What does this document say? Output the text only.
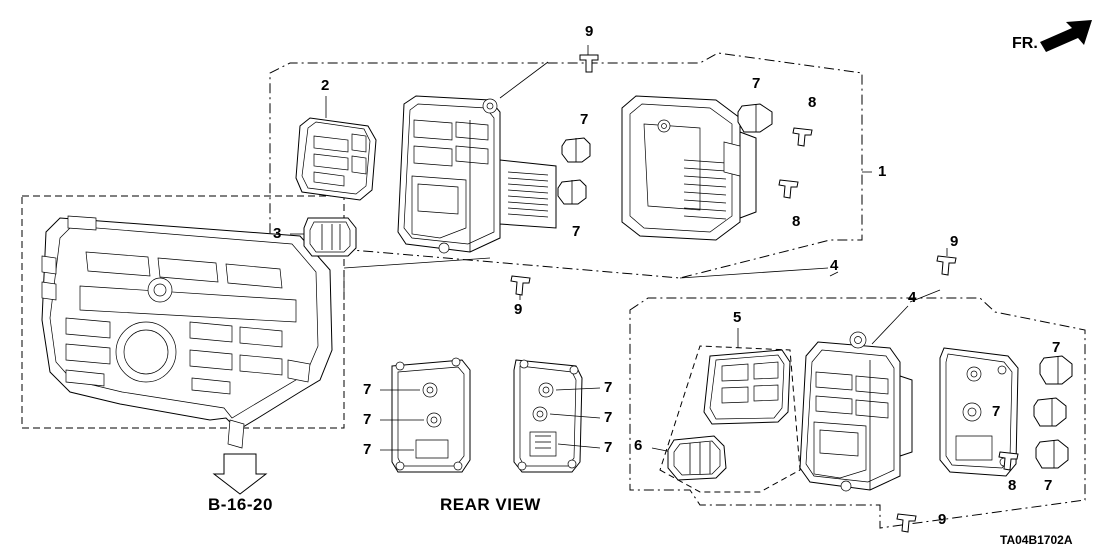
FR.
9
2	7
8
1
7
7
8
3
9
4
9
4
5
6
7
7
7
8
9
7
7
7
7
7
7
B-16-20	REAR VIEW
TA04B1702A
